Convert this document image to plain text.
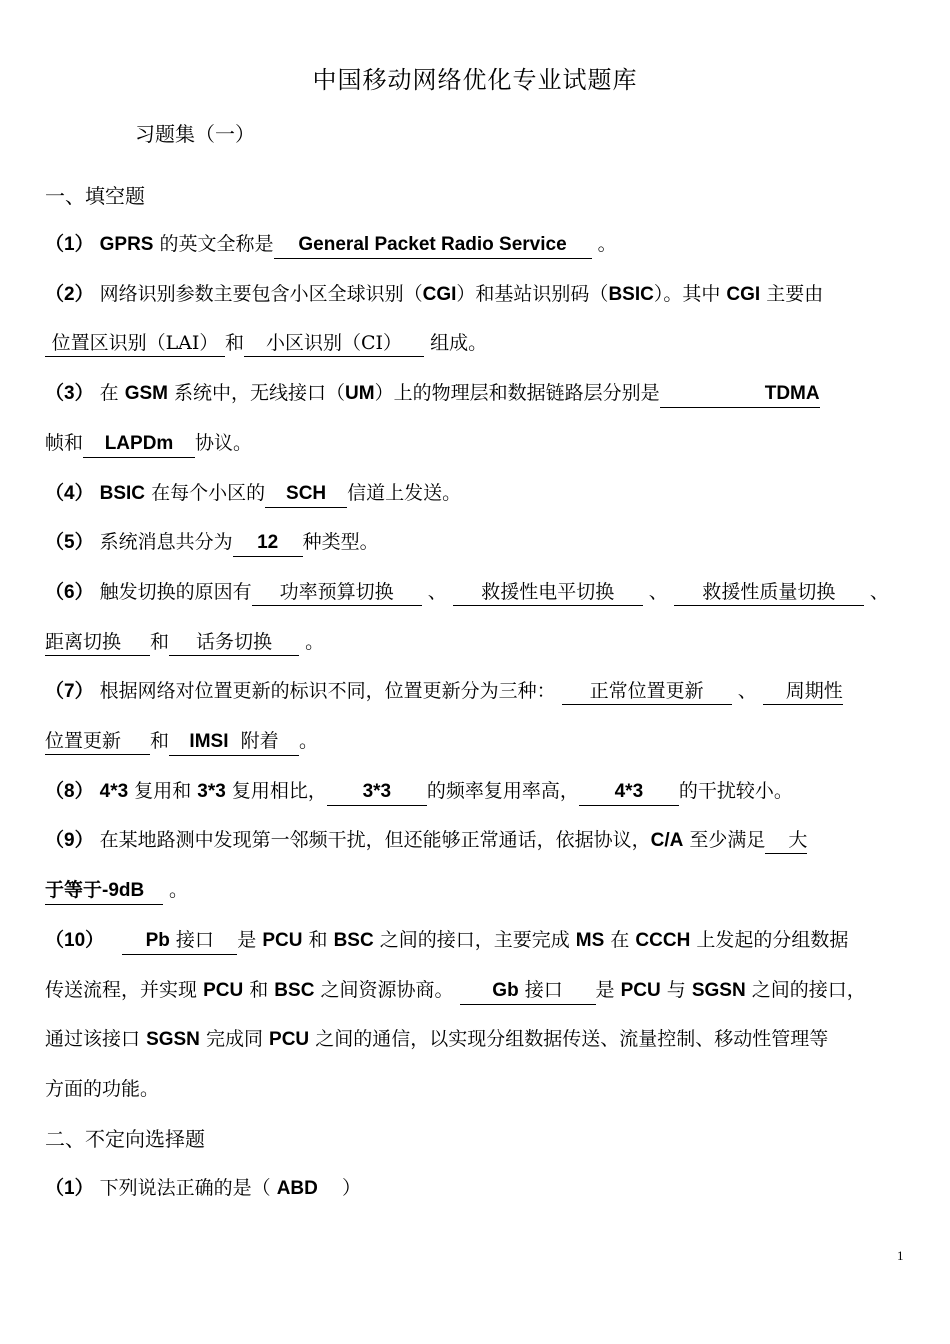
中国移动网络优化专业试题库
习题集（一）
一、填空题

（1） GPRS 的英文全称是 General Packet Radio Service 。

（2） 网络识别参数主要包含小区全球识别（CGI）和基站识别码（BSIC）。其中 CGI 主要由
位置区识别（LAI） 和 小区识别（CI） 组成。

（3） 在 GSM 系统中，无线接口（UM）上的物理层和数据链路层分别是	TDMA
帧和 LAPDm 协议。

（4） BSIC 在每个小区的 SCH 信道上发送。

（5） 系统消息共分为 12 种类型。

（6） 触发切换的原因有 功率预算切换 、 救援性电平切换 、 救援性质量切换 、
距离切换 和 话务切换 。

（7） 根据网络对位置更新的标识不同，位置更新分为三种： 正常位置更新 、 周期性
位置更新 和 IMSI 附着 。

（8） 4*3 复用和 3*3 复用相比， 3*3 的频率复用率高， 4*3 的干扰较小。

（9） 在某地路测中发现第一邻频干扰，但还能够正常通话，依据协议，C/A 至少满足 大
于等于-9dB 。

（10） Pb 接口 是 PCU 和 BSC 之间的接口，主要完成 MS 在 CCCH 上发起的分组数据
传送流程，并实现 PCU 和 BSC 之间资源协商。 Gb 接口 是 PCU 与 SGSN 之间的接口，
通过该接口 SGSN 完成同 PCU 之间的通信，以实现分组数据传送、流量控制、移动性管理等
方面的功能。

二、不定向选择题

（1） 下列说法正确的是（ ABD ）

1
